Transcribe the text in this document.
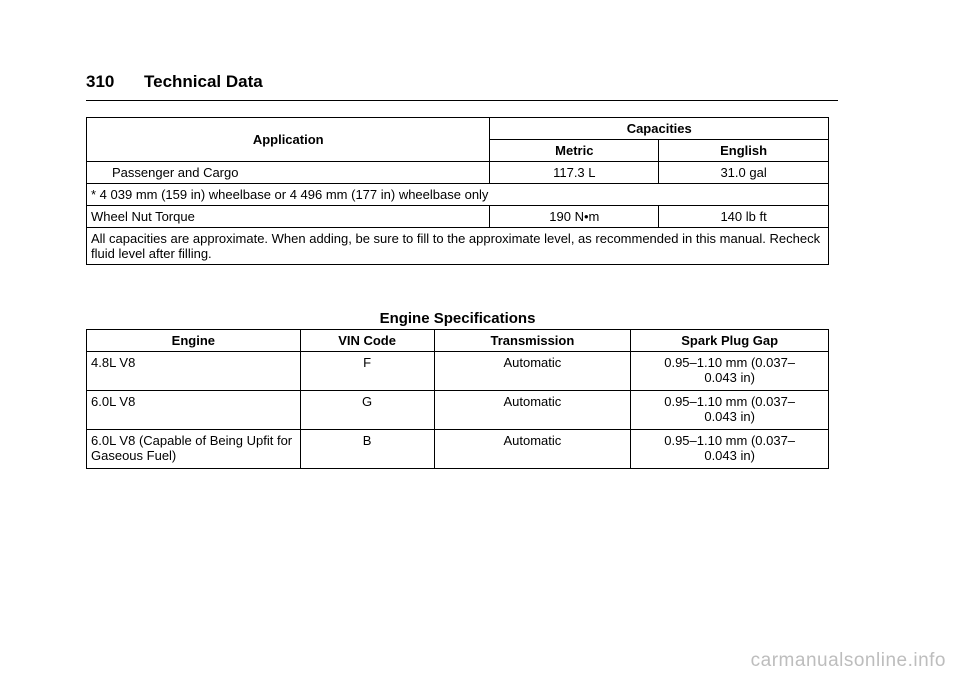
310 Technical Data
Application	Capacities	
	Metric	English
Passenger and Cargo	117.3 L	31.0 gal
* 4 039 mm (159 in) wheelbase or 4 496 mm (177 in) wheelbase only		
Wheel Nut Torque	190 N•m	140 lb ft
All capacities are approximate. When adding, be sure to fill to the approximate level, as recommended in this manual. Recheck fluid level after filling.		
Engine Specifications
Engine	VIN Code	Transmission	Spark Plug Gap
4.8L V8	F	Automatic	0.95–1.10 mm (0.037–
0.043 in)
6.0L V8	G	Automatic	0.95–1.10 mm (0.037–
0.043 in)
6.0L V8 (Capable of Being Upfit for Gaseous Fuel)	B	Automatic	0.95–1.10 mm (0.037–
0.043 in)
carmanualsonline.info
